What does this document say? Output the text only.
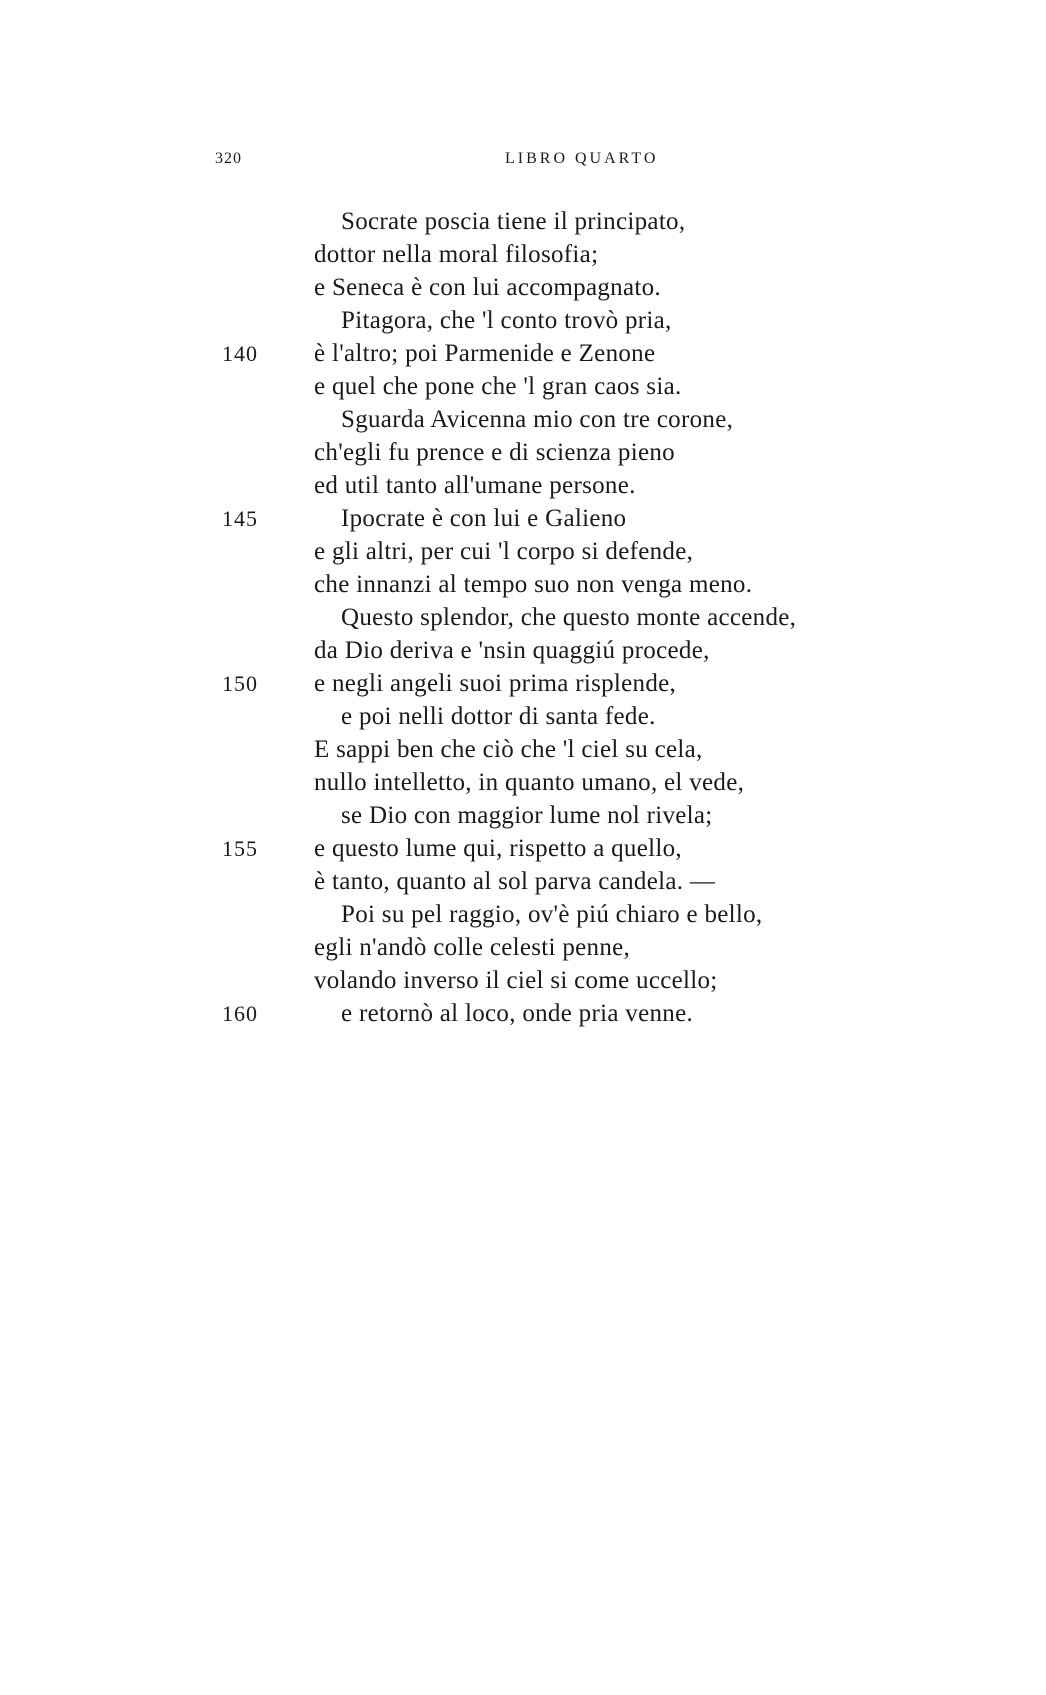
320	LIBRO QUARTO
Socrate poscia tiene il principato,
dottor nella moral filosofia;
e Seneca è con lui accompagnato.
Pitagora, che 'l conto trovò pria,
140 è l'altro; poi Parmenide e Zenone
e quel che pone che 'l gran caos sia.
Sguarda Avicenna mio con tre corone,
ch'egli fu prence e di scienza pieno
ed util tanto all'umane persone.
145	Ipocrate è con lui e Galieno
e gli altri, per cui 'l corpo si defende,
che innanzi al tempo suo non venga meno.
Questo splendor, che questo monte accende,
da Dio deriva e 'nsin quaggiú procede,
150 e negli angeli suoi prima risplende,
e poi nelli dottor di santa fede.
E sappi ben che ciò che 'l ciel su cela,
nullo intelletto, in quanto umano, el vede,
se Dio con maggior lume nol rivela;
155 e questo lume qui, rispetto a quello,
è tanto, quanto al sol parva candela. —
Poi su pel raggio, ov'è piú chiaro e bello,
egli n'andò colle celesti penne,
volando inverso il ciel si come uccello;
160	e retornò al loco, onde pria venne.
